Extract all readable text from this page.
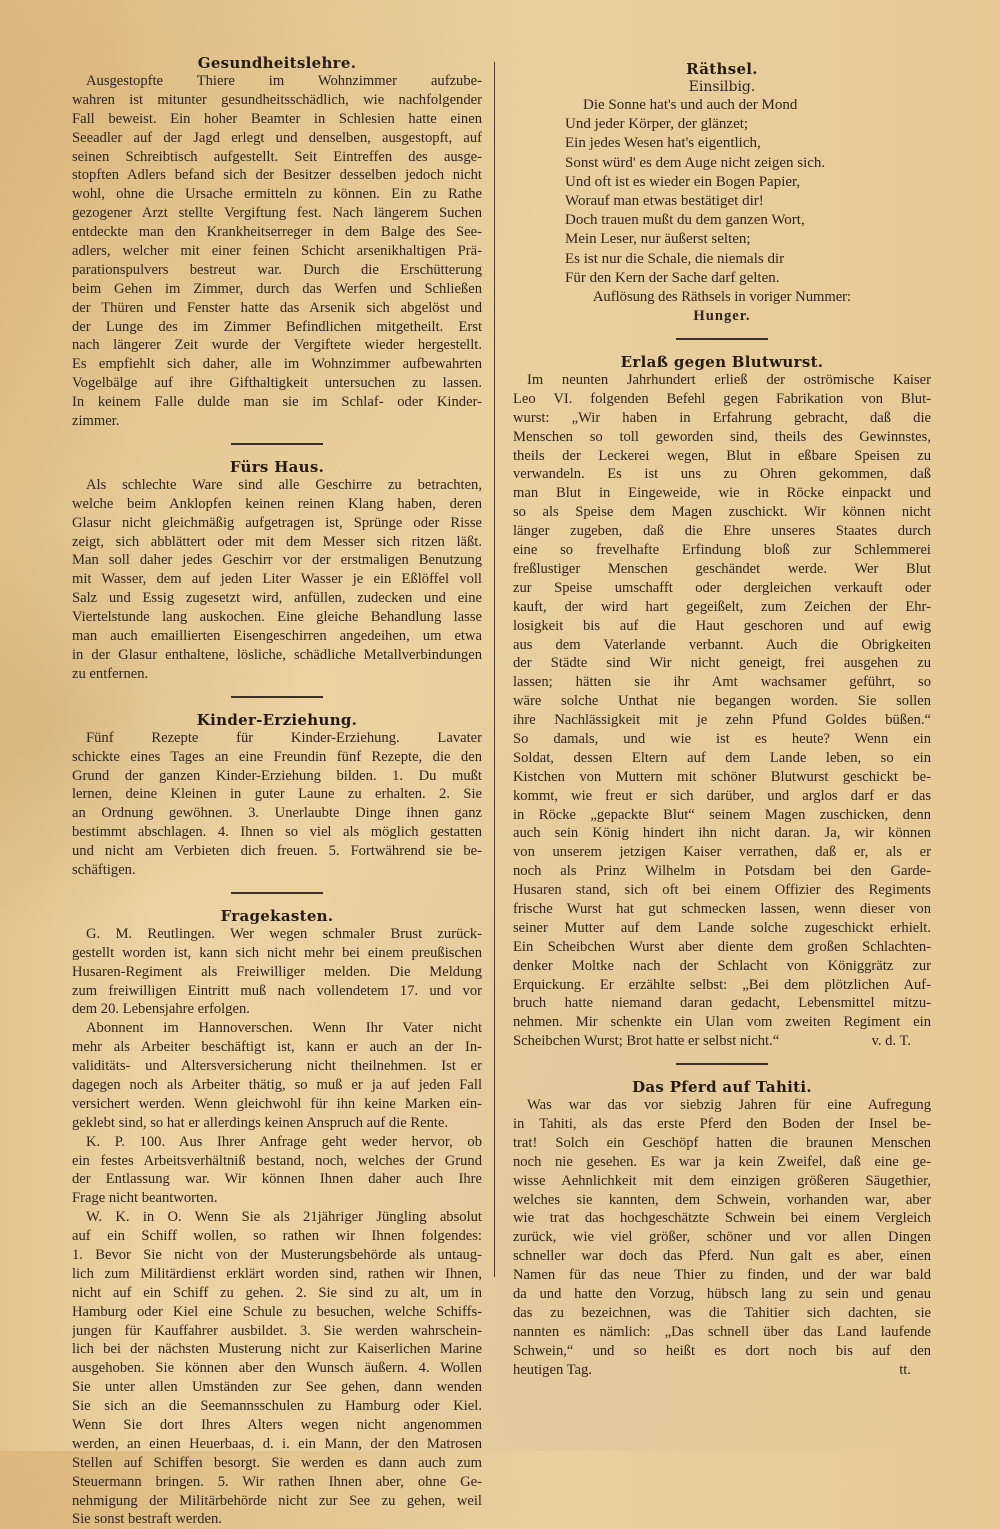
Gesundheitslehre.
Ausgestopfte Thiere im Wohnzimmer aufzube-
wahren ist mitunter gesundheitsschädlich, wie nachfolgender
Fall beweist. Ein hoher Beamter in Schlesien hatte einen
Seeadler auf der Jagd erlegt und denselben, ausgestopft, auf
seinen Schreibtisch aufgestellt. Seit Eintreffen des ausge-
stopften Adlers befand sich der Besitzer desselben jedoch nicht
wohl, ohne die Ursache ermitteln zu können. Ein zu Rathe
gezogener Arzt stellte Vergiftung fest. Nach längerem Suchen
entdeckte man den Krankheitserreger in dem Balge des See-
adlers, welcher mit einer feinen Schicht arsenikhaltigen Prä-
parationspulvers bestreut war. Durch die Erschütterung
beim Gehen im Zimmer, durch das Werfen und Schließen
der Thüren und Fenster hatte das Arsenik sich abgelöst und
der Lunge des im Zimmer Befindlichen mitgetheilt. Erst
nach längerer Zeit wurde der Vergiftete wieder hergestellt.
Es empfiehlt sich daher, alle im Wohnzimmer aufbewahrten
Vogelbälge auf ihre Gifthaltigkeit untersuchen zu lassen.
In keinem Falle dulde man sie im Schlaf- oder Kinder-
zimmer.
Fürs Haus.
Als schlechte Ware sind alle Geschirre zu betrachten,
welche beim Anklopfen keinen reinen Klang haben, deren
Glasur nicht gleichmäßig aufgetragen ist, Sprünge oder Risse
zeigt, sich abblättert oder mit dem Messer sich ritzen läßt.
Man soll daher jedes Geschirr vor der erstmaligen Benutzung
mit Wasser, dem auf jeden Liter Wasser je ein Eßlöffel voll
Salz und Essig zugesetzt wird, anfüllen, zudecken und eine
Viertelstunde lang auskochen. Eine gleiche Behandlung lasse
man auch emaillierten Eisengeschirren angedeihen, um etwa
in der Glasur enthaltene, lösliche, schädliche Metallverbindungen
zu entfernen.
Kinder-Erziehung.
Fünf Rezepte für Kinder-Erziehung. Lavater
schickte eines Tages an eine Freundin fünf Rezepte, die den
Grund der ganzen Kinder-Erziehung bilden. 1. Du mußt
lernen, deine Kleinen in guter Laune zu erhalten. 2. Sie
an Ordnung gewöhnen. 3. Unerlaubte Dinge ihnen ganz
bestimmt abschlagen. 4. Ihnen so viel als möglich gestatten
und nicht am Verbieten dich freuen. 5. Fortwährend sie be-
schäftigen.
Fragekasten.
G. M. Reutlingen. Wer wegen schmaler Brust zurück-
gestellt worden ist, kann sich nicht mehr bei einem preußischen
Husaren-Regiment als Freiwilliger melden. Die Meldung
zum freiwilligen Eintritt muß nach vollendetem 17. und vor
dem 20. Lebensjahre erfolgen.
Abonnent im Hannoverschen. Wenn Ihr Vater nicht
mehr als Arbeiter beschäftigt ist, kann er auch an der In-
validitäts- und Altersversicherung nicht theilnehmen. Ist er
dagegen noch als Arbeiter thätig, so muß er ja auf jeden Fall
versichert werden. Wenn gleichwohl für ihn keine Marken ein-
geklebt sind, so hat er allerdings keinen Anspruch auf die Rente.
K. P. 100. Aus Ihrer Anfrage geht weder hervor, ob
ein festes Arbeitsverhältniß bestand, noch, welches der Grund
der Entlassung war. Wir können Ihnen daher auch Ihre
Frage nicht beantworten.
W. K. in O. Wenn Sie als 21jähriger Jüngling absolut
auf ein Schiff wollen, so rathen wir Ihnen folgendes:
1. Bevor Sie nicht von der Musterungsbehörde als untaug-
lich zum Militärdienst erklärt worden sind, rathen wir Ihnen,
nicht auf ein Schiff zu gehen. 2. Sie sind zu alt, um in
Hamburg oder Kiel eine Schule zu besuchen, welche Schiffs-
jungen für Kauffahrer ausbildet. 3. Sie werden wahrschein-
lich bei der nächsten Musterung nicht zur Kaiserlichen Marine
ausgehoben. Sie können aber den Wunsch äußern. 4. Wollen
Sie unter allen Umständen zur See gehen, dann wenden
Sie sich an die Seemannsschulen zu Hamburg oder Kiel.
Wenn Sie dort Ihres Alters wegen nicht angenommen
werden, an einen Heuerbaas, d. i. ein Mann, der den Matrosen
Stellen auf Schiffen besorgt. Sie werden es dann auch zum
Steuermann bringen. 5. Wir rathen Ihnen aber, ohne Ge-
nehmigung der Militärbehörde nicht zur See zu gehen, weil
Sie sonst bestraft werden.
Räthsel.

Einsilbig.

Die Sonne hat's und auch der Mond
Und jeder Körper, der glänzet;
Ein jedes Wesen hat's eigentlich,
Sonst würd' es dem Auge nicht zeigen sich.
Und oft ist es wieder ein Bogen Papier,
Worauf man etwas bestätiget dir!
Doch trauen mußt du dem ganzen Wort,
Mein Leser, nur äußerst selten;
Es ist nur die Schale, die niemals dir
Für den Kern der Sache darf gelten.
Auflösung des Räthsels in voriger Nummer:
Hunger.
Erlaß gegen Blutwurst.
Im neunten Jahrhundert erließ der oströmische Kaiser
Leo VI. folgenden Befehl gegen Fabrikation von Blut-
wurst: „Wir haben in Erfahrung gebracht, daß die
Menschen so toll geworden sind, theils des Gewinnstes,
theils der Leckerei wegen, Blut in eßbare Speisen zu
verwandeln. Es ist uns zu Ohren gekommen, daß
man Blut in Eingeweide, wie in Röcke einpackt und
so als Speise dem Magen zuschickt. Wir können nicht
länger zugeben, daß die Ehre unseres Staates durch
eine so frevelhafte Erfindung bloß zur Schlemmerei
freßlustiger Menschen geschändet werde. Wer Blut
zur Speise umschafft oder dergleichen verkauft oder
kauft, der wird hart gegeißelt, zum Zeichen der Ehr-
losigkeit bis auf die Haut geschoren und auf ewig
aus dem Vaterlande verbannt. Auch die Obrigkeiten
der Städte sind Wir nicht geneigt, frei ausgehen zu
lassen; hätten sie ihr Amt wachsamer geführt, so
wäre solche Unthat nie begangen worden. Sie sollen
ihre Nachlässigkeit mit je zehn Pfund Goldes büßen.“
So damals, und wie ist es heute? Wenn ein
Soldat, dessen Eltern auf dem Lande leben, so ein
Kistchen von Muttern mit schöner Blutwurst geschickt be-
kommt, wie freut er sich darüber, und arglos darf er das
in Röcke „gepackte Blut“ seinem Magen zuschicken, denn
auch sein König hindert ihn nicht daran. Ja, wir können
von unserem jetzigen Kaiser verrathen, daß er, als er
noch als Prinz Wilhelm in Potsdam bei den Garde-
Husaren stand, sich oft bei einem Offizier des Regiments
frische Wurst hat gut schmecken lassen, wenn dieser von
seiner Mutter auf dem Lande solche zugeschickt erhielt.
Ein Scheibchen Wurst aber diente dem großen Schlachten-
denker Moltke nach der Schlacht von Königgrätz zur
Erquickung. Er erzählte selbst: „Bei dem plötzlichen Auf-
bruch hatte niemand daran gedacht, Lebensmittel mitzu-
nehmen. Mir schenkte ein Ulan vom zweiten Regiment ein
Scheibchen Wurst; Brot hatte er selbst nicht.“	v. d. T.
Das Pferd auf Tahiti.
Was war das vor siebzig Jahren für eine Aufregung
in Tahiti, als das erste Pferd den Boden der Insel be-
trat! Solch ein Geschöpf hatten die braunen Menschen
noch nie gesehen. Es war ja kein Zweifel, daß eine ge-
wisse Aehnlichkeit mit dem einzigen größeren Säugethier,
welches sie kannten, dem Schwein, vorhanden war, aber
wie trat das hochgeschätzte Schwein bei einem Vergleich
zurück, wie viel größer, schöner und vor allen Dingen
schneller war doch das Pferd. Nun galt es aber, einen
Namen für das neue Thier zu finden, und der war bald
da und hatte den Vorzug, hübsch lang zu sein und genau
das zu bezeichnen, was die Tahitier sich dachten, sie
nannten es nämlich: „Das schnell über das Land laufende
Schwein,“ und so heißt es dort noch bis auf den
heutigen Tag.	tt.
